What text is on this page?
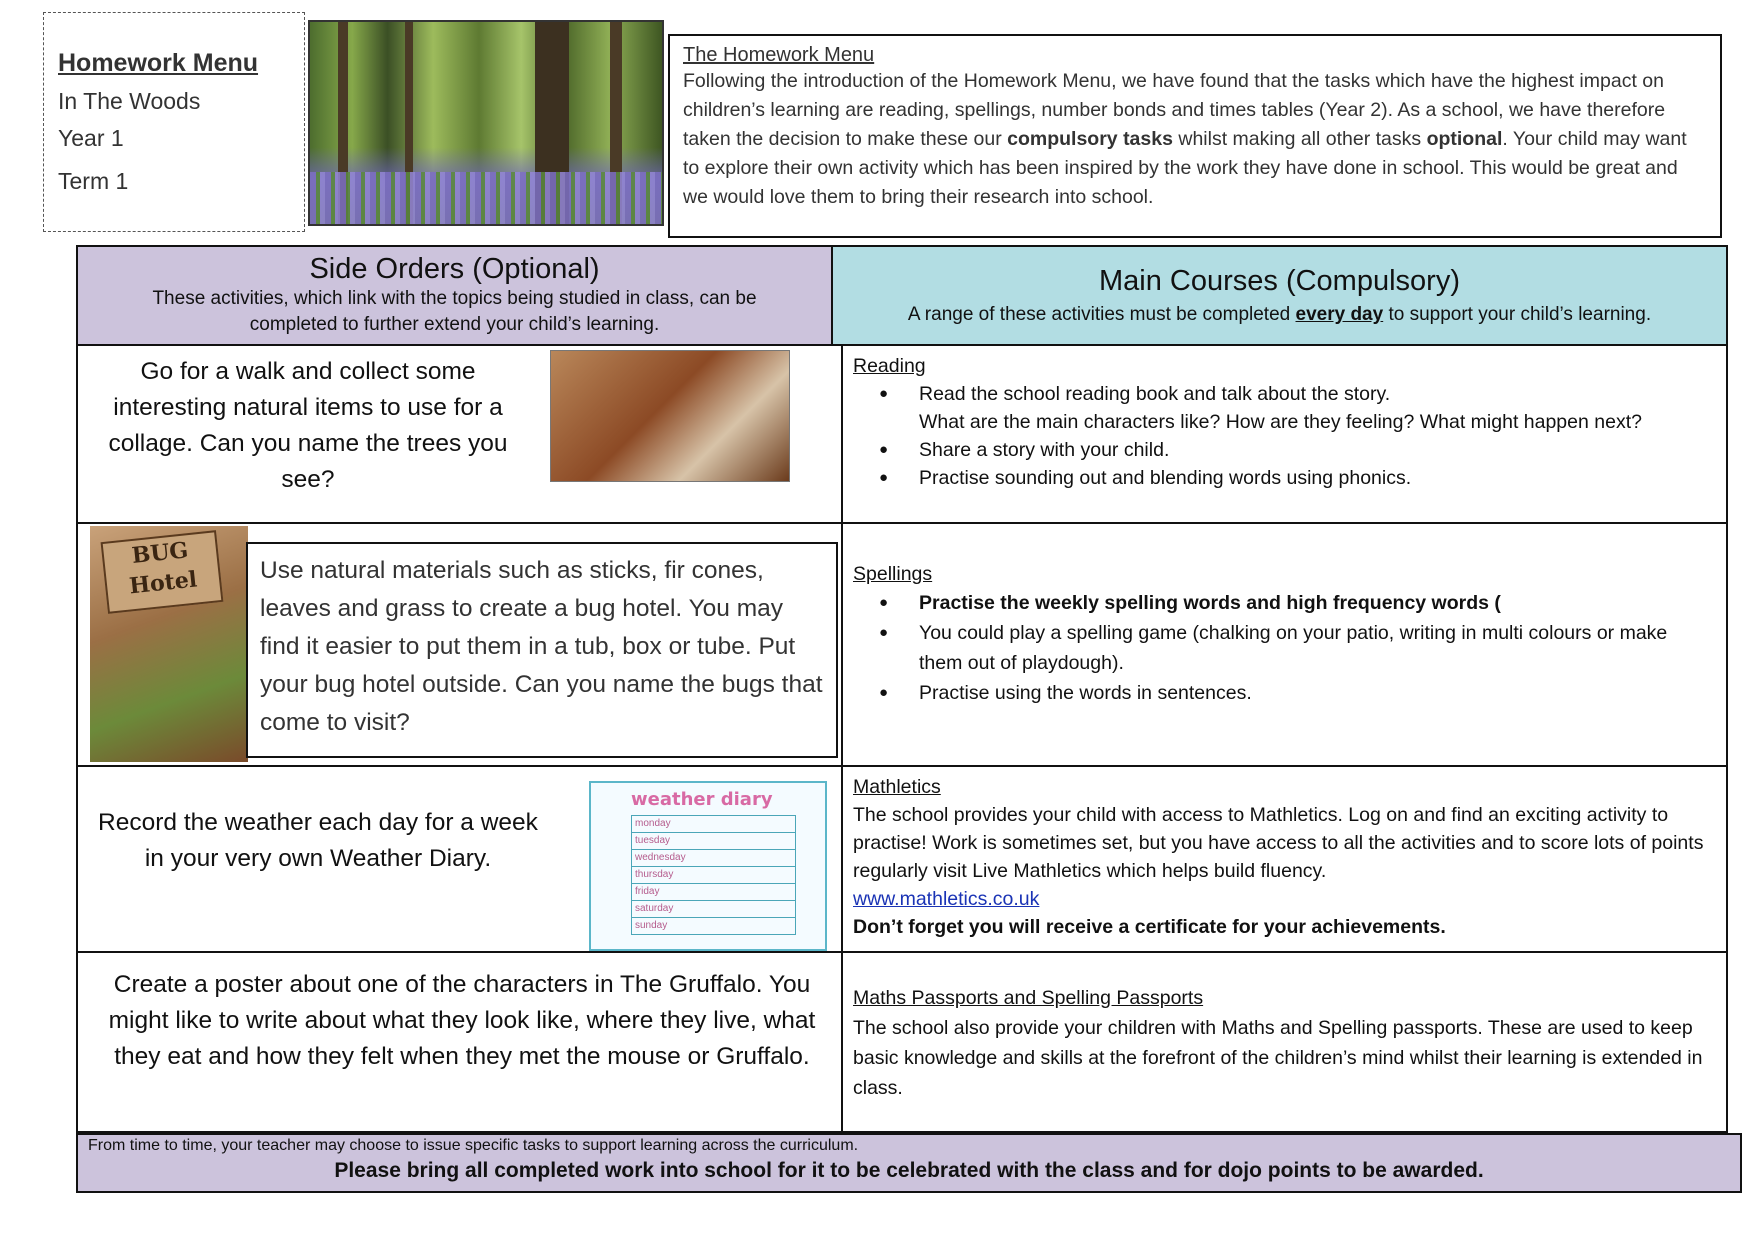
Homework Menu
In The Woods
Year 1
Term 1
The Homework Menu
Following the introduction of the Homework Menu, we have found that the tasks which have the highest impact on children’s learning are reading, spellings, number bonds and times tables (Year 2). As a school, we have therefore taken the decision to make these our compulsory tasks whilst making all other tasks optional. Your child may want to explore their own activity which has been inspired by the work they have done in school. This would be great and we would love them to bring their research into school.
Side Orders (Optional)
These activities, which link with the topics being studied in class, can be completed to further extend your child’s learning.
Main Courses (Compulsory)
A range of these activities must be completed every day to support your child’s learning.
Go for a walk and collect some interesting natural items to use for a collage. Can you name the trees you see?
Reading
● Read the school reading book and talk about the story.
What are the main characters like? How are they feeling? What might happen next?
● Share a story with your child.
● Practise sounding out and blending words using phonics.
BUG Hotel	Use natural materials such as sticks, fir cones, leaves and grass to create a bug hotel. You may find it easier to put them in a tub, box or tube. Put your bug hotel outside. Can you name the bugs that come to visit?
Spellings
● Practise the weekly spelling words and high frequency words (
● You could play a spelling game (chalking on your patio, writing in multi colours or make them out of playdough).
● Practise using the words in sentences.
Record the weather each day for a week in your very own Weather Diary.
weather diary
monday
tuesday
wednesday
thursday
friday
saturday
sunday
Mathletics
The school provides your child with access to Mathletics. Log on and find an exciting activity to practise! Work is sometimes set, but you have access to all the activities and to score lots of points regularly visit Live Mathletics which helps build fluency.
www.mathletics.co.uk
Don’t forget you will receive a certificate for your achievements.
Create a poster about one of the characters in The Gruffalo. You might like to write about what they look like, where they live, what they eat and how they felt when they met the mouse or Gruffalo.
Maths Passports and Spelling Passports
The school also provide your children with Maths and Spelling passports. These are used to keep basic knowledge and skills at the forefront of the children’s mind whilst their learning is extended in class.
From time to time, your teacher may choose to issue specific tasks to support learning across the curriculum.
Please bring all completed work into school for it to be celebrated with the class and for dojo points to be awarded.
